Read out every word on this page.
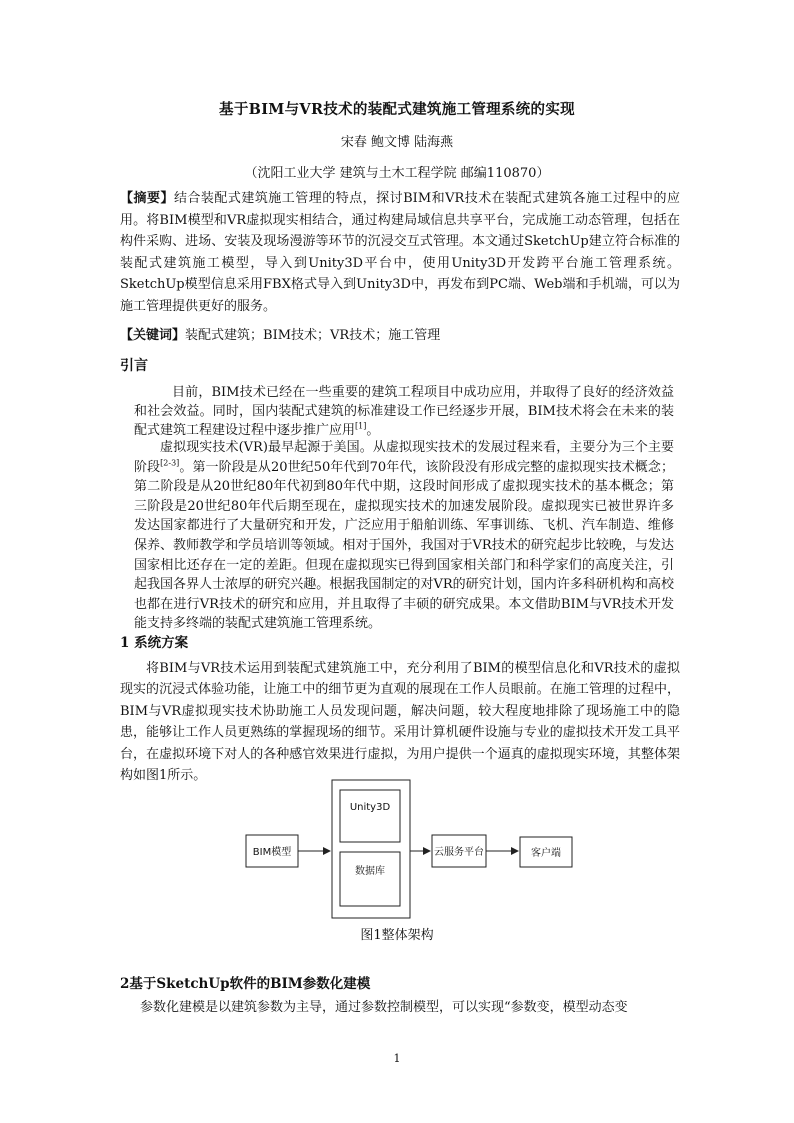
基于BIM与VR技术的装配式建筑施工管理系统的实现
宋春 鲍文博 陆海燕
（沈阳工业大学 建筑与土木工程学院 邮编110870）
【摘要】结合装配式建筑施工管理的特点，探讨BIM和VR技术在装配式建筑各施工过程中的应用。将BIM模型和VR虚拟现实相结合，通过构建局域信息共享平台，完成施工动态管理，包括在构件采购、进场、安装及现场漫游等环节的沉浸交互式管理。本文通过SketchUp建立符合标准的装配式建筑施工模型，导入到Unity3D平台中，使用Unity3D开发跨平台施工管理系统。SketchUp模型信息采用FBX格式导入到Unity3D中，再发布到PC端、Web端和手机端，可以为施工管理提供更好的服务。
【关键词】装配式建筑；BIM技术；VR技术；施工管理
引言
目前，BIM技术已经在一些重要的建筑工程项目中成功应用，并取得了良好的经济效益和社会效益。同时，国内装配式建筑的标准建设工作已经逐步开展，BIM技术将会在未来的装配式建筑工程建设过程中逐步推广应用[1]。
虚拟现实技术(VR)最早起源于美国。从虚拟现实技术的发展过程来看，主要分为三个主要阶段[2-3]。第一阶段是从20世纪50年代到70年代，该阶段没有形成完整的虚拟现实技术概念；第二阶段是从20世纪80年代初到80年代中期，这段时间形成了虚拟现实技术的基本概念；第三阶段是20世纪80年代后期至现在，虚拟现实技术的加速发展阶段。虚拟现实已被世界许多发达国家都进行了大量研究和开发，广泛应用于船舶训练、军事训练、飞机、汽车制造、维修保养、教师教学和学员培训等领域。相对于国外，我国对于VR技术的研究起步比较晚，与发达国家相比还存在一定的差距。但现在虚拟现实已得到国家相关部门和科学家们的高度关注，引起我国各界人士浓厚的研究兴趣。根据我国制定的对VR的研究计划，国内许多科研机构和高校也都在进行VR技术的研究和应用，并且取得了丰硕的研究成果。本文借助BIM与VR技术开发能支持多终端的装配式建筑施工管理系统。
1 系统方案
将BIM与VR技术运用到装配式建筑施工中，充分利用了BIM的模型信息化和VR技术的虚拟现实的沉浸式体验功能，让施工中的细节更为直观的展现在工作人员眼前。在施工管理的过程中，BIM与VR虚拟现实技术协助施工人员发现问题，解决问题，较大程度地排除了现场施工中的隐患，能够让工作人员更熟练的掌握现场的细节。采用计算机硬件设施与专业的虚拟技术开发工具平台，在虚拟环境下对人的各种感官效果进行虚拟，为用户提供一个逼真的虚拟现实环境，其整体架构如图1所示。
BIM模型
Unity3D
数据库
云服务平台	客户端
图1整体架构
2基于SketchUp软件的BIM参数化建模
参数化建模是以建筑参数为主导，通过参数控制模型，可以实现“参数变，模型动态变
1
